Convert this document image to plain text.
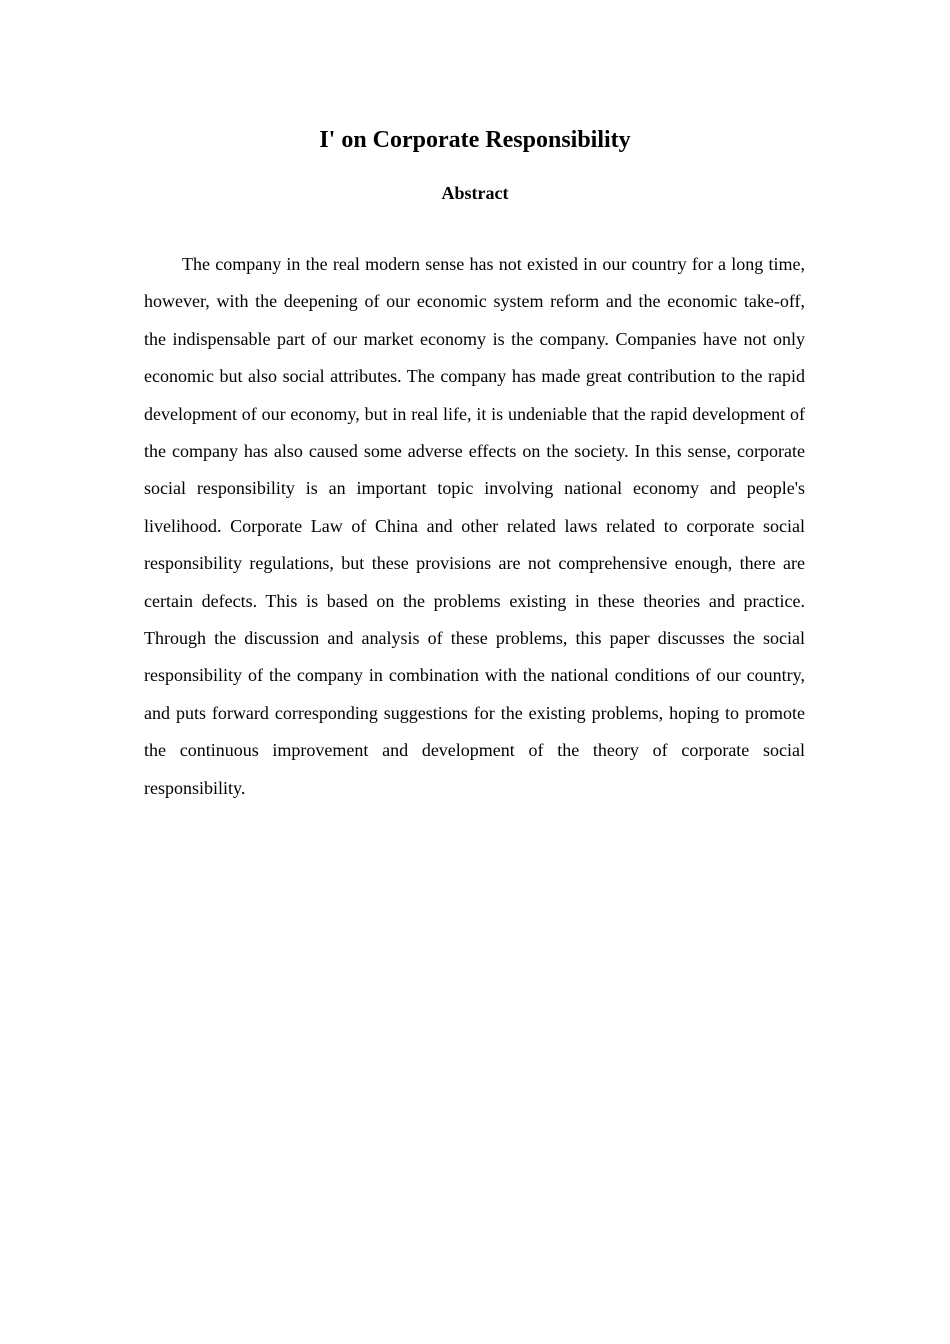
I' on Corporate Responsibility
Abstract

The company in the real modern sense has not existed in our country for a long time, however, with the deepening of our economic system reform and the economic take-off, the indispensable part of our market economy is the company. Companies have not only economic but also social attributes. The company has made great contribution to the rapid development of our economy, but in real life, it is undeniable that the rapid development of the company has also caused some adverse effects on the society. In this sense, corporate social responsibility is an important topic involving national economy and people's livelihood. Corporate Law of China and other related laws related to corporate social responsibility regulations, but these provisions are not comprehensive enough, there are certain defects. This is based on the problems existing in these theories and practice. Through the discussion and analysis of these problems, this paper discusses the social responsibility of the company in combination with the national conditions of our country, and puts forward corresponding suggestions for the existing problems, hoping to promote the continuous improvement and development of the theory of corporate social responsibility.
